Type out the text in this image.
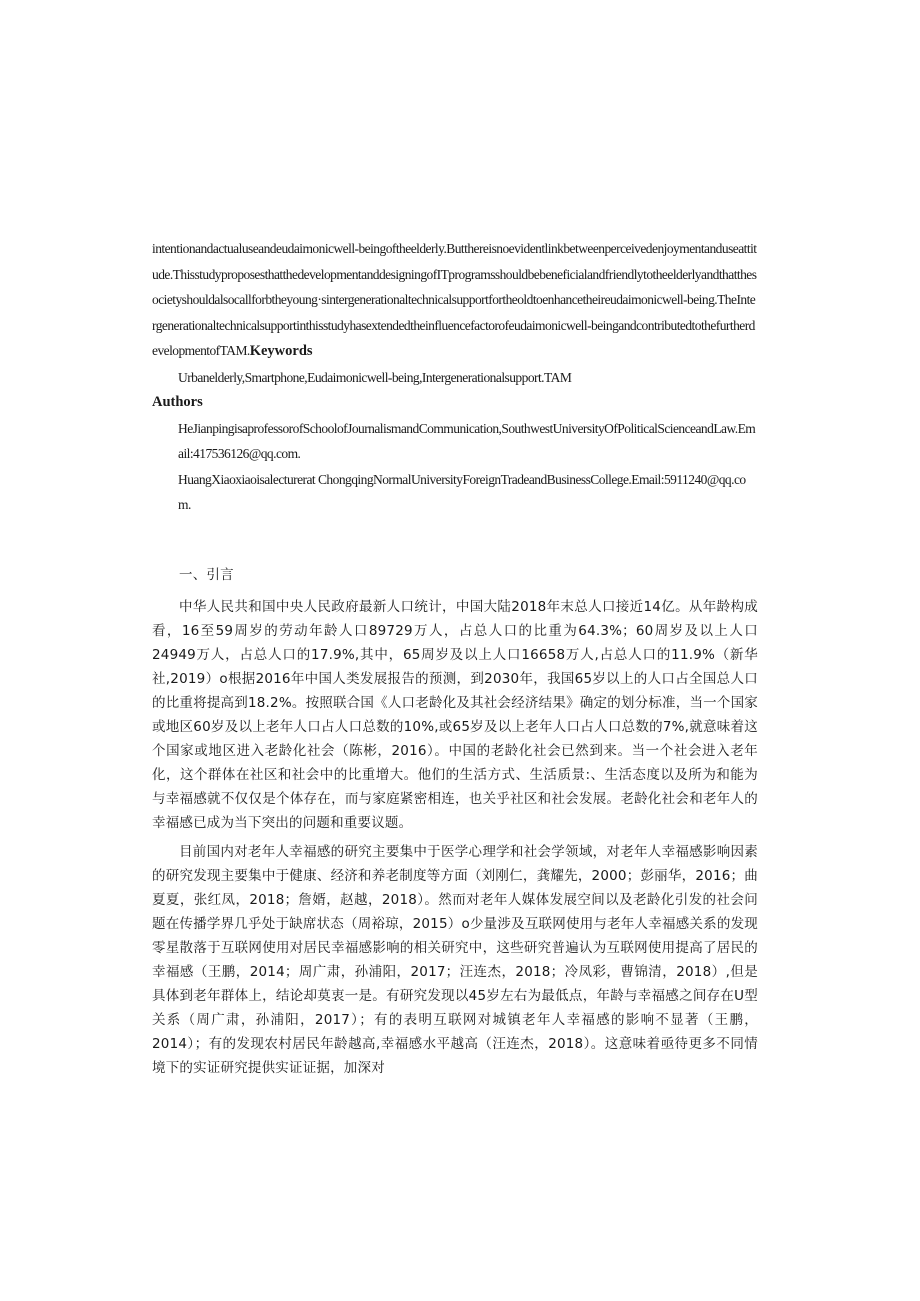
intentionandactualuseandeudaimonicwell-beingoftheelderly.Butthereisnoevidentlinkbetweenperceivedenjoymentanduseattitude.ThisstudyproposesthatthedevelopmentanddesigningofITprogramsshouldbebeneficialandfriendlytotheelderlyandthatthesocietyshouldalsocallforbtheyoung·sintergenerationaltechnicalsupportfortheoldtoenhancetheireudaimonicwell-being.TheIntergenerationaltechnicalsupportinthisstudyhasextendedtheinfluencefactorofeudaimonicwell-beingandcontributedtothefurtherdevelopmentofTAM.Keywords

Urbanelderly,Smartphone,Eudaimonicwell-being,Intergenerationalsupport.TAM

Authors

HeJianpingisaprofessorofSchoolofJournalismandCommunication,SouthwestUniversityOfPoliticalScienceandLaw.Email:417536126@qq.com.

HuangXiaoxiaoisalecturerat ChongqingNormalUniversityForeignTradeandBusinessCollege.Email:5911240@qq.com.

一、引言

中华人民共和国中央人民政府最新人口统计，中国大陆2018年末总人口接近14亿。从年龄构成看，16至59周岁的劳动年龄人口89729万人，占总人口的比重为64.3%；60周岁及以上人口24949万人，占总人口的17.9%,其中，65周岁及以上人口16658万人,占总人口的11.9%（新华社,2019）o根据2016年中国人类发展报告的预测，到2030年，我国65岁以上的人口占全国总人口的比重将提高到18.2%。按照联合国《人口老龄化及其社会经济结果》确定的划分标准，当一个国家或地区60岁及以上老年人口占人口总数的10%,或65岁及以上老年人口占人口总数的7%,就意味着这个国家或地区进入老龄化社会（陈彬，2016）。中国的老龄化社会已然到来。当一个社会进入老年化，这个群体在社区和社会中的比重增大。他们的生活方式、生活质景:、生活态度以及所为和能为与幸福感就不仅仅是个体存在，而与家庭紧密相连，也关乎社区和社会发展。老龄化社会和老年人的幸福感已成为当下突出的问题和重要议题。

目前国内对老年人幸福感的研究主要集中于医学心理学和社会学领域，对老年人幸福感影响因素的研究发现主要集中于健康、经济和养老制度等方面（刘刚仁，龚耀先，2000；彭丽华，2016；曲夏夏，张红凤，2018；詹婿，赵越，2018）。然而对老年人媒体发展空间以及老龄化引发的社会问题在传播学界几乎处于缺席状态（周裕琼，2015）o少量涉及互联网使用与老年人幸福感关系的发现零星散落于互联网使用对居民幸福感影响的相关研究中，这些研究普遍认为互联网使用提高了居民的幸福感（王鹏，2014；周广肃，孙浦阳，2017；汪连杰，2018；冷凤彩，曹锦清，2018）,但是具体到老年群体上，结论却莫衷一是。有研究发现以45岁左右为最低点，年龄与幸福感之间存在U型关系（周广肃，孙浦阳，2017）；有的表明互联网对城镇老年人幸福感的影响不显著（王鹏，2014）；有的发现农村居民年龄越高,幸福感水平越高（汪连杰，2018）。这意味着亟待更多不同情境下的实证研究提供实证证据，加深对
